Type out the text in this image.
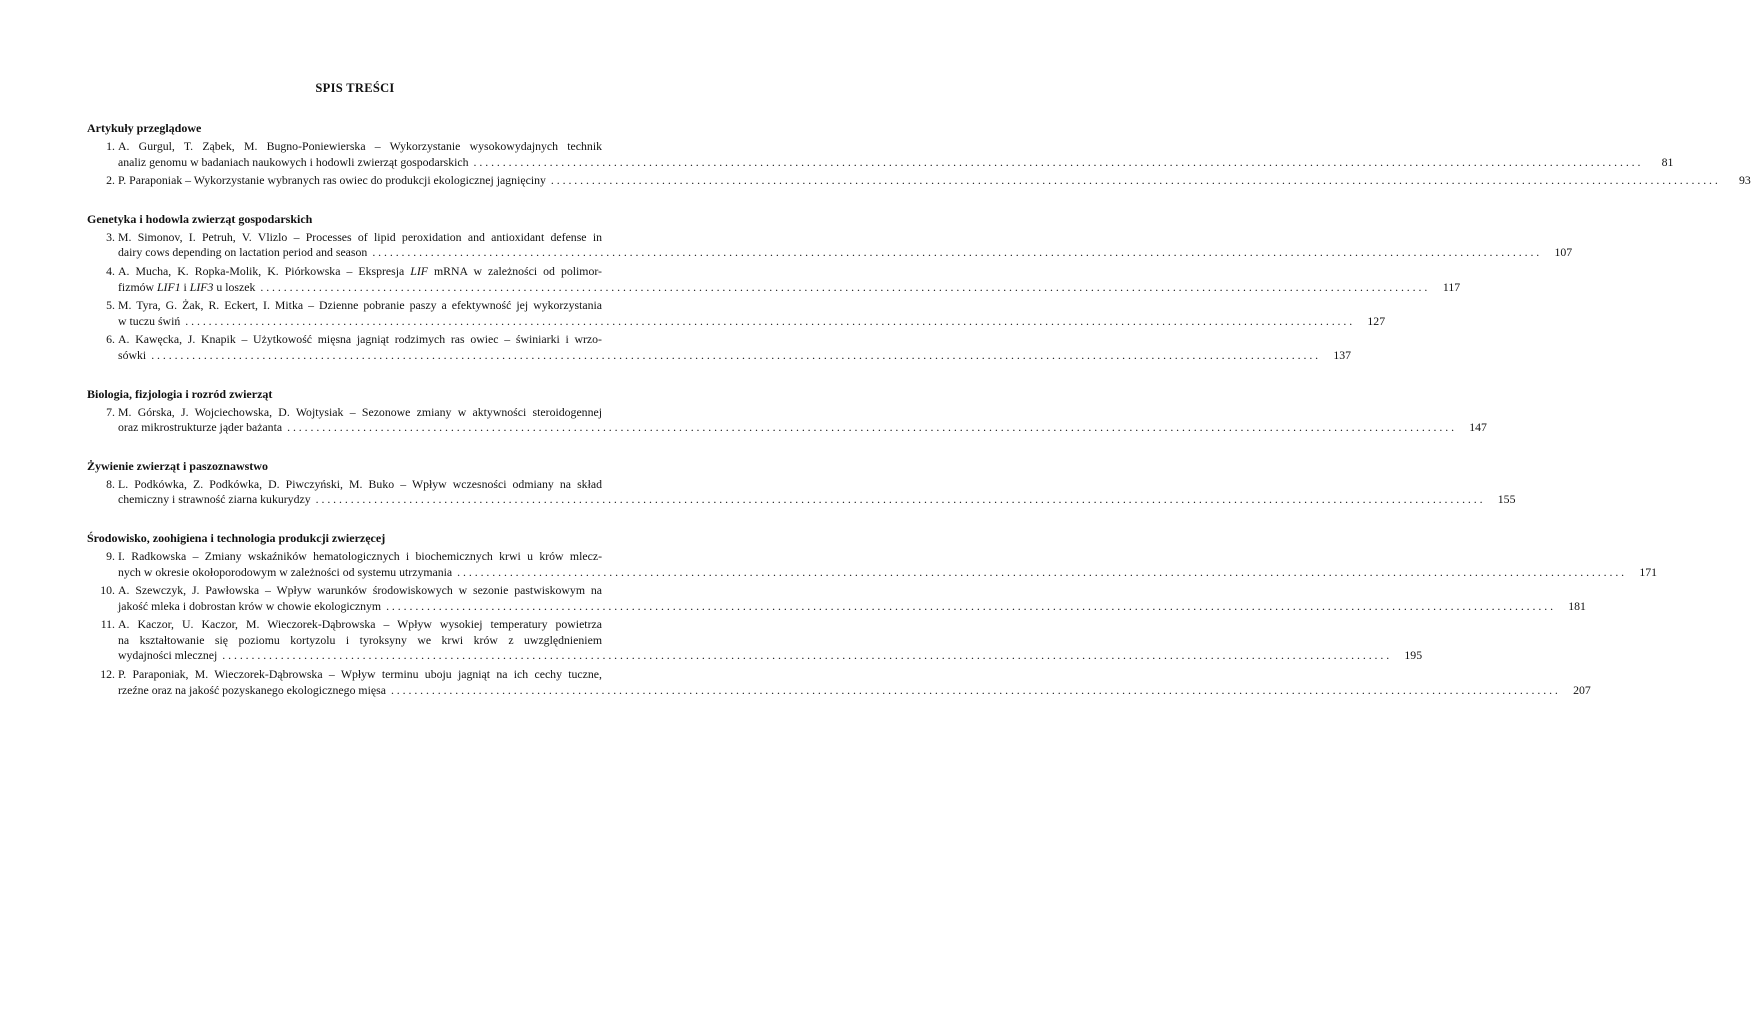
SPIS TREŚCI
Artykuły przeglądowe
1. A. Gurgul, T. Ząbek, M. Bugno-Poniewierska – Wykorzystanie wysokowydajnych technik
analiz genomu w badaniach naukowych i hodowli zwierząt gospodarskich ........................................................................................................................................................................................................	81
2. P. Paraponiak – Wykorzystanie wybranych ras owiec do produkcji ekologicznej jagnięciny ........................................................................................................................................................................................................	93
Genetyka i hodowla zwierząt gospodarskich
3. M. Simonov, I. Petruh, V. Vlizlo – Processes of lipid peroxidation and antioxidant defense in
dairy cows depending on lactation period and season ........................................................................................................................................................................................................	107
4. A. Mucha, K. Ropka-Molik, K. Piórkowska – Ekspresja LIF mRNA w zależności od polimor-
fizmów LIF1 i LIF3 u loszek ........................................................................................................................................................................................................	117
5. M. Tyra, G. Żak, R. Eckert, I. Mitka – Dzienne pobranie paszy a efektywność jej wykorzystania
w tuczu świń ........................................................................................................................................................................................................	127
6. A. Kawęcka, J. Knapik – Użytkowość mięsna jagniąt rodzimych ras owiec – świniarki i wrzo-
sówki ........................................................................................................................................................................................................	137
Biologia, fizjologia i rozród zwierząt
7. M. Górska, J. Wojciechowska, D. Wojtysiak – Sezonowe zmiany w aktywności steroidogennej
oraz mikrostrukturze jąder bażanta ........................................................................................................................................................................................................	147
Żywienie zwierząt i paszoznawstwo
8. L. Podkówka, Z. Podkówka, D. Piwczyński, M. Buko – Wpływ wczesności odmiany na skład
chemiczny i strawność ziarna kukurydzy ........................................................................................................................................................................................................	155
Środowisko, zoohigiena i technologia produkcji zwierzęcej
9. I. Radkowska – Zmiany wskaźników hematologicznych i biochemicznych krwi u krów mlecz-
nych w okresie okołoporodowym w zależności od systemu utrzymania ........................................................................................................................................................................................................	171
10. A. Szewczyk, J. Pawłowska – Wpływ warunków środowiskowych w sezonie pastwiskowym na
jakość mleka i dobrostan krów w chowie ekologicznym ........................................................................................................................................................................................................	181
11. A. Kaczor, U. Kaczor, M. Wieczorek-Dąbrowska – Wpływ wysokiej temperatury powietrza
na kształtowanie się poziomu kortyzolu i tyroksyny we krwi krów z uwzględnieniem
wydajności mlecznej ........................................................................................................................................................................................................	195
12. P. Paraponiak, M. Wieczorek-Dąbrowska – Wpływ terminu uboju jagniąt na ich cechy tuczne,
rzeźne oraz na jakość pozyskanego ekologicznego mięsa ........................................................................................................................................................................................................	207
